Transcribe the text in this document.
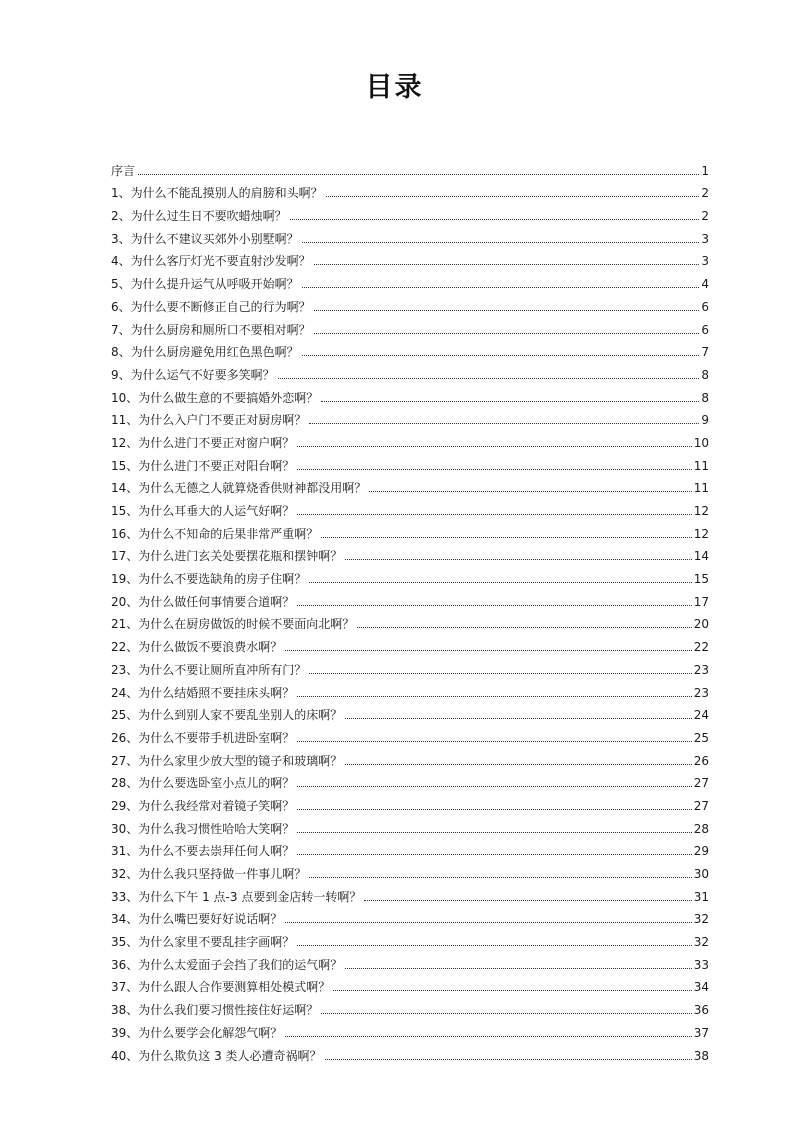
目录
序言	1
1、为什么不能乱摸别人的肩膀和头啊？	2
2、为什么过生日不要吹蜡烛啊？	2
3、为什么不建议买郊外小别墅啊？	3
4、为什么客厅灯光不要直射沙发啊？	3
5、为什么提升运气从呼吸开始啊？	4
6、为什么要不断修正自己的行为啊？	6
7、为什么厨房和厕所口不要相对啊？	6
8、为什么厨房避免用红色黑色啊？	7
9、为什么运气不好要多笑啊？	8
10、为什么做生意的不要搞婚外恋啊？	8
11、为什么入户门不要正对厨房啊？	9
12、为什么进门不要正对窗户啊？	10
15、为什么进门不要正对阳台啊？	11
14、为什么无德之人就算烧香供财神都没用啊？	11
15、为什么耳垂大的人运气好啊？	12
16、为什么不知命的后果非常严重啊？	12
17、为什么进门玄关处要摆花瓶和摆钟啊？	14
19、为什么不要选缺角的房子住啊？	15
20、为什么做任何事情要合道啊？	17
21、为什么在厨房做饭的时候不要面向北啊？	20
22、为什么做饭不要浪费水啊？	22
23、为什么不要让厕所直冲所有门？	23
24、为什么结婚照不要挂床头啊？	23
25、为什么到别人家不要乱坐别人的床啊？	24
26、为什么不要带手机进卧室啊？	25
27、为什么家里少放大型的镜子和玻璃啊？	26
28、为什么要选卧室小点儿的啊？	27
29、为什么我经常对着镜子笑啊？	27
30、为什么我习惯性哈哈大笑啊？	28
31、为什么不要去崇拜任何人啊？	29
32、为什么我只坚持做一件事儿啊？	30
33、为什么下午 1 点-3 点要到金店转一转啊？	31
34、为什么嘴巴要好好说话啊？	32
35、为什么家里不要乱挂字画啊？	32
36、为什么太爱面子会挡了我们的运气啊？	33
37、为什么跟人合作要测算相处模式啊？	34
38、为什么我们要习惯性接住好运啊？	36
39、为什么要学会化解怨气啊？	37
40、为什么欺负这 3 类人必遭奇祸啊？	38
